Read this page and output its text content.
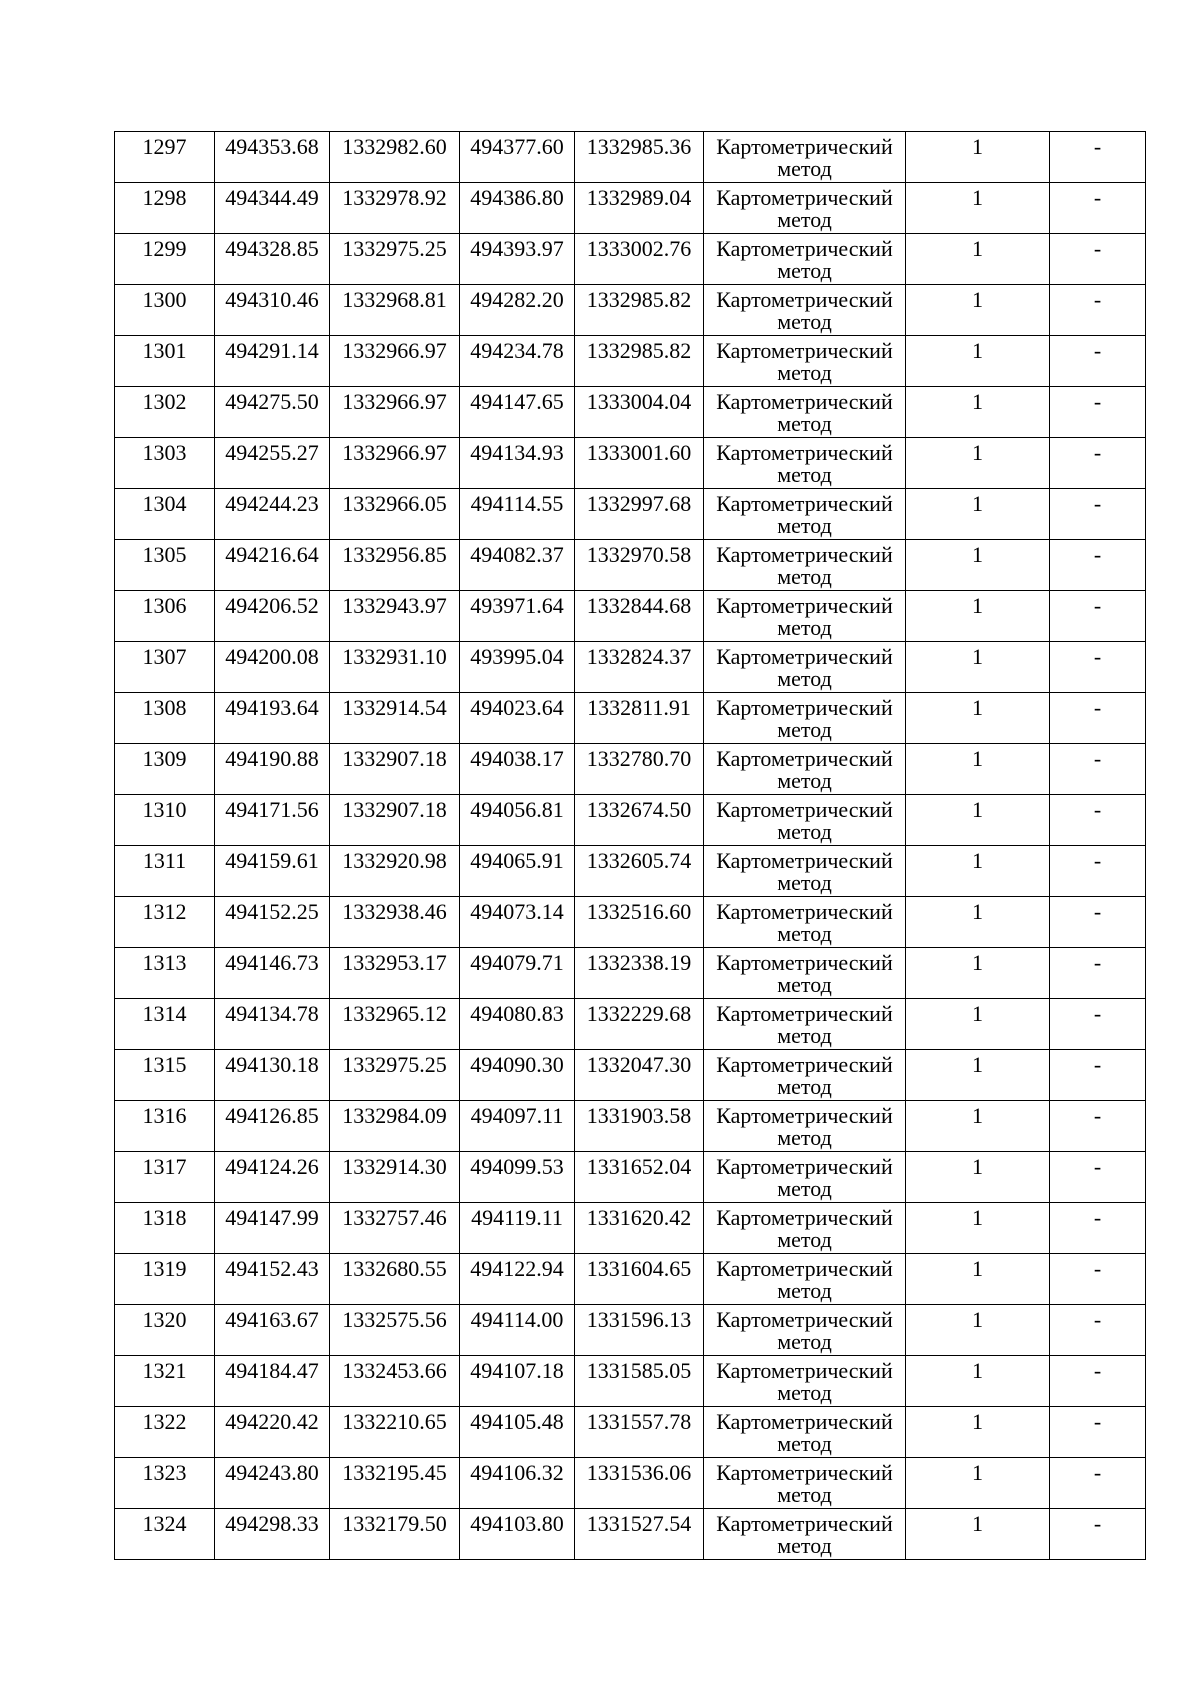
1297	494353.68	1332982.60	494377.60	1332985.36	Картометрический
метод	1	-

1298	494344.49	1332978.92	494386.80	1332989.04	Картометрический
метод	1	-

1299	494328.85	1332975.25	494393.97	1333002.76	Картометрический
метод	1	-

1300	494310.46	1332968.81	494282.20	1332985.82	Картометрический
метод	1	-

1301	494291.14	1332966.97	494234.78	1332985.82	Картометрический
метод	1	-

1302	494275.50	1332966.97	494147.65	1333004.04	Картометрический
метод	1	-

1303	494255.27	1332966.97	494134.93	1333001.60	Картометрический
метод	1	-

1304	494244.23	1332966.05	494114.55	1332997.68	Картометрический
метод	1	-

1305	494216.64	1332956.85	494082.37	1332970.58	Картометрический
метод	1	-

1306	494206.52	1332943.97	493971.64	1332844.68	Картометрический
метод	1	-

1307	494200.08	1332931.10	493995.04	1332824.37	Картометрический
метод	1	-

1308	494193.64	1332914.54	494023.64	1332811.91	Картометрический
метод	1	-

1309	494190.88	1332907.18	494038.17	1332780.70	Картометрический
метод	1	-

1310	494171.56	1332907.18	494056.81	1332674.50	Картометрический
метод	1	-

1311	494159.61	1332920.98	494065.91	1332605.74	Картометрический
метод	1	-

1312	494152.25	1332938.46	494073.14	1332516.60	Картометрический
метод	1	-

1313	494146.73	1332953.17	494079.71	1332338.19	Картометрический
метод	1	-

1314	494134.78	1332965.12	494080.83	1332229.68	Картометрический
метод	1	-

1315	494130.18	1332975.25	494090.30	1332047.30	Картометрический
метод	1	-

1316	494126.85	1332984.09	494097.11	1331903.58	Картометрический
метод	1	-

1317	494124.26	1332914.30	494099.53	1331652.04	Картометрический
метод	1	-

1318	494147.99	1332757.46	494119.11	1331620.42	Картометрический
метод	1	-

1319	494152.43	1332680.55	494122.94	1331604.65	Картометрический
метод	1	-

1320	494163.67	1332575.56	494114.00	1331596.13	Картометрический
метод	1	-

1321	494184.47	1332453.66	494107.18	1331585.05	Картометрический
метод	1	-

1322	494220.42	1332210.65	494105.48	1331557.78	Картометрический
метод	1	-

1323	494243.80	1332195.45	494106.32	1331536.06	Картометрический
метод	1	-

1324	494298.33	1332179.50	494103.80	1331527.54	Картометрический
метод	1	-
